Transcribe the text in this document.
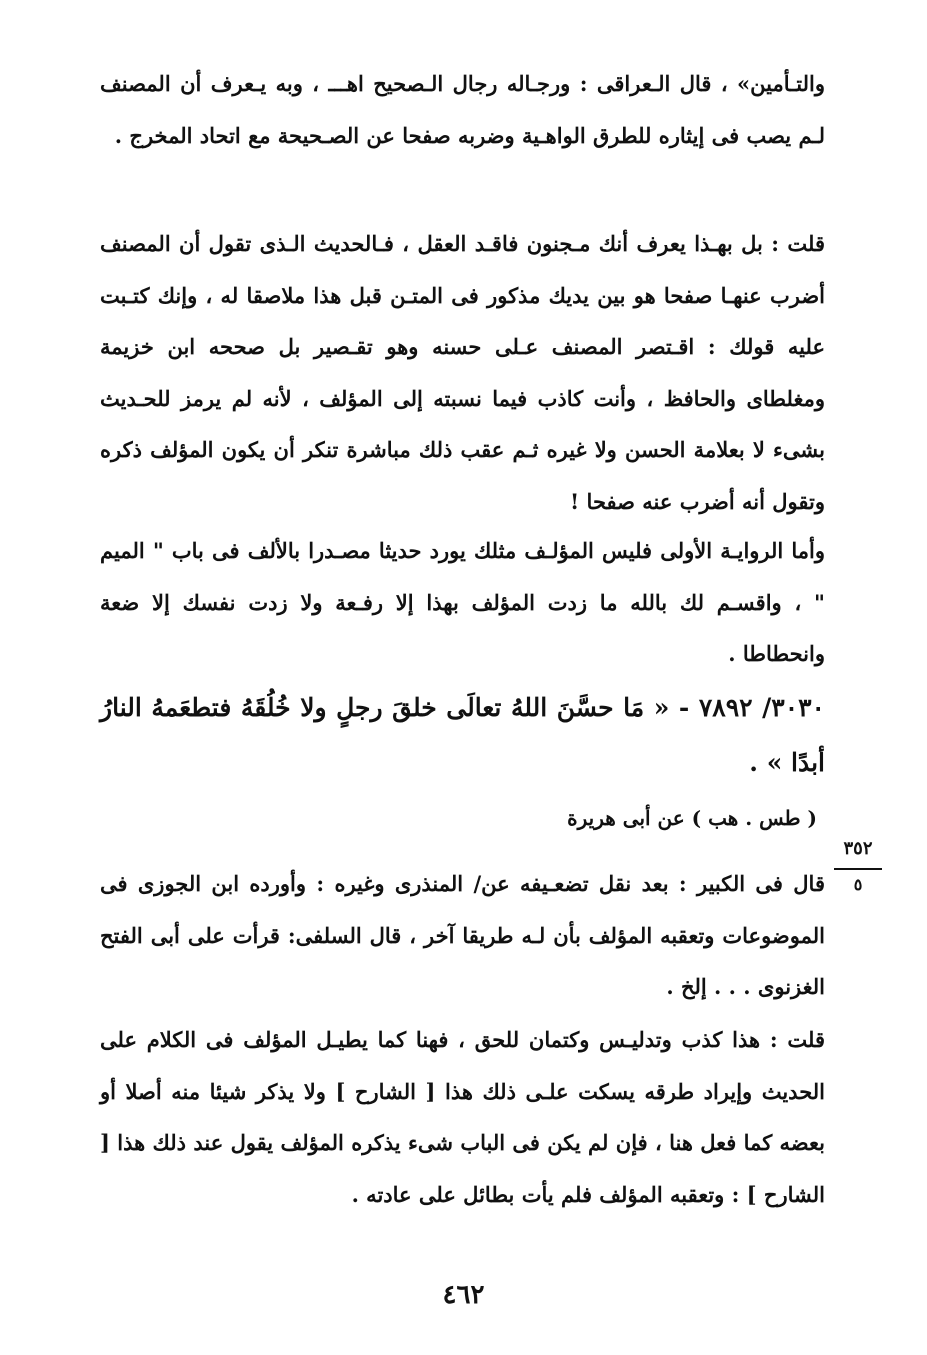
والتـأمين» ، قال الـعراقى : ورجـاله رجال الـصحيح اهـــ ، وبه يـعرف أن المصنف لـم يصب فى إيثاره للطرق الواهـية وضربه صفحا عن الصـحيحة مع اتحاد المخرج .
قلت : بل بهـذا يعرف أنك مـجنون فاقـد العقل ، فـالحديث الـذى تقول أن المصنف أضرب عنهـا صفحا هو بين يديك مذكور فى المتـن قبل هذا ملاصقا له ، وإنك كتـبت عليه قولك : اقـتصر المصنف عـلى حسنه وهو تقـصير بل صححه ابن خزيمة ومغلطاى والحافظ ، وأنت كاذب فيما نسبته إلى المؤلف ، لأنه لم يرمز للحـديث بشىء لا بعلامة الحسن ولا غيره ثـم عقب ذلك مباشرة تنكر أن يكون المؤلف ذكره وتقول أنه أضرب عنه صفحا !
وأما الروايـة الأولى فليس المؤلـف مثلك يورد حديثا مصـدرا بالألف فى باب " الميم " ، واقسـم لك بالله ما زدت المؤلف بهذا إلا رفـعة ولا زدت نفسك إلا ضعة وانحطاطا .
٣٠٣٠/ ٧٨٩٢ - « مَا حسَّنَ اللهُ تعالَى خلقَ رجلٍ ولا خُلُقَهُ فتطعَمهُ النارُ أبدًا » .
( طس . هب ) عن أبى هريرة
٣٥٢
٥
قال فى الكبير : بعد نقل تضعـيفه عن/ المنذرى وغيره : وأورده ابن الجوزى فى الموضوعات وتعقبه المؤلف بأن لـه طريقا آخر ، قال السلفى: قرأت على أبى الفتح الغزنوى . . . إلخ .
قلت : هذا كذب وتدليـس وكتمان للحق ، فهنا كما يطيـل المؤلف فى الكلام على الحديث وإيراد طرقه يسكت علـى ذلك هذا [ الشارح ] ولا يذكر شيئا منه أصلا أو بعضه كما فعل هنا ، فإن لم يكن فى الباب شىء يذكره المؤلف يقول عند ذلك هذا [ الشارح ] : وتعقبه المؤلف فلم يأت بطائل على عادته .
٤٦٢
